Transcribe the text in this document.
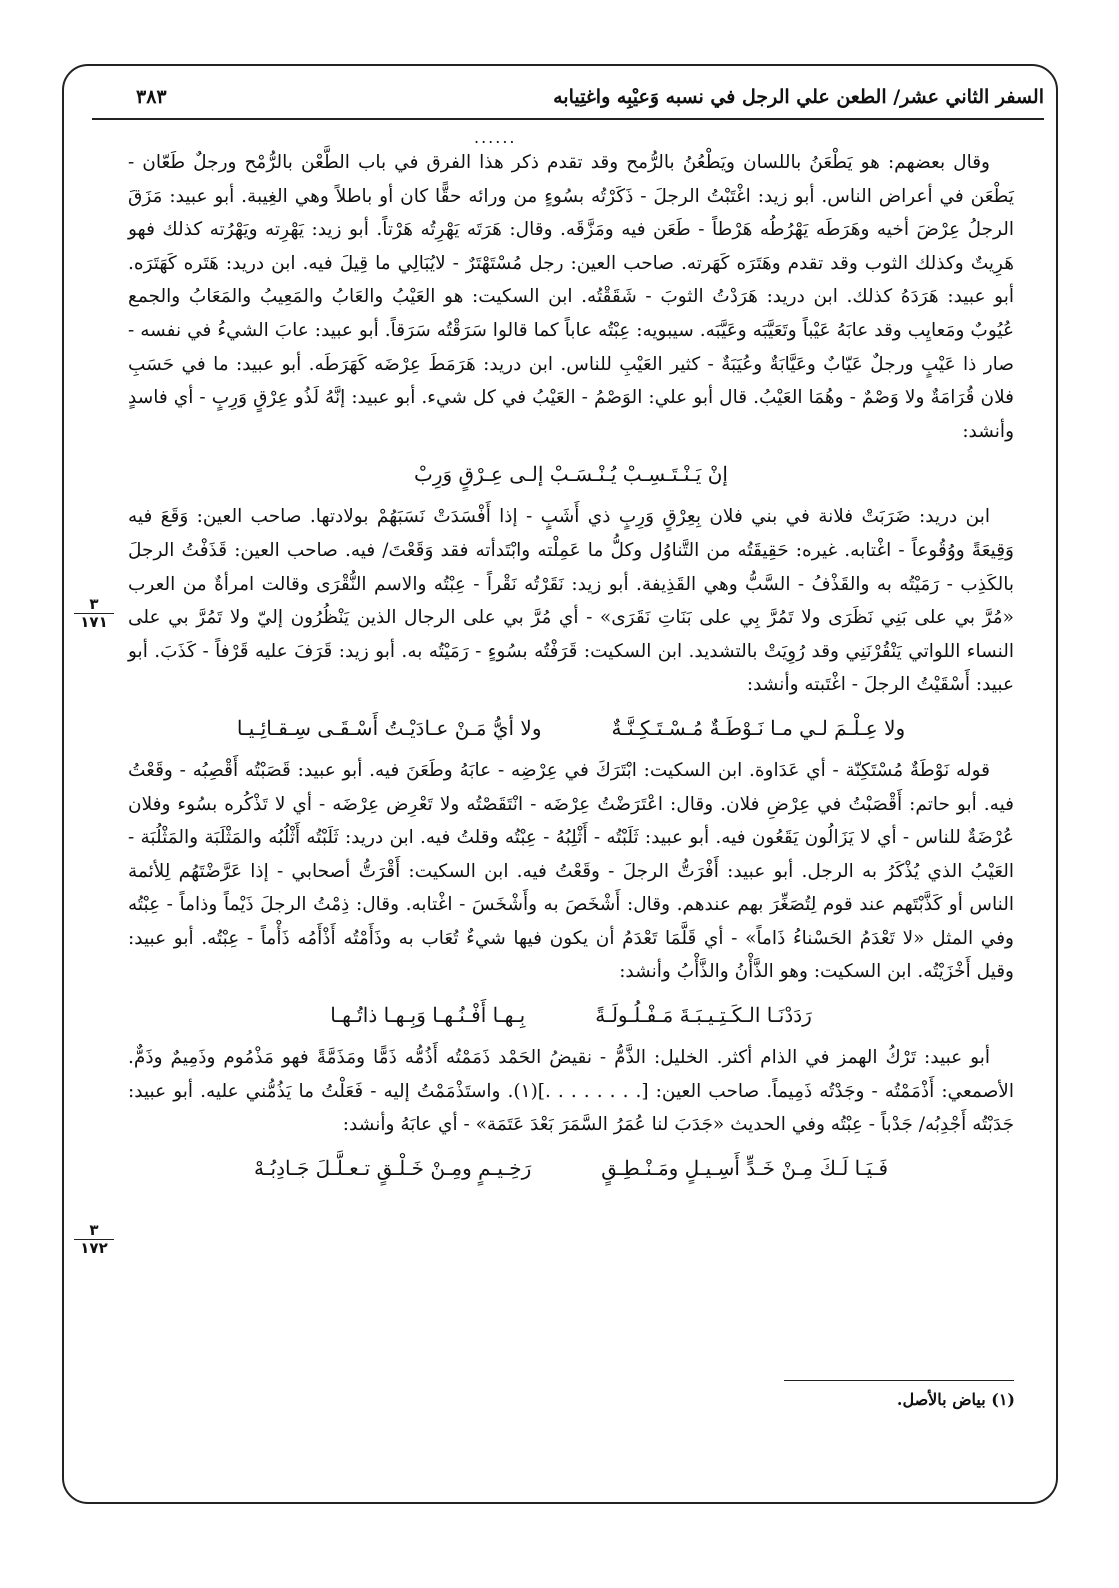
السفر الثاني عشر/ الطعن علي الرجل في نسبه وَعيْبِه واغتِيابه
٣٨٣
......

وقال بعضهم: هو يَطْعَنُ باللسان ويَطْعُنُ بالرُّمح وقد تقدم ذكر هذا الفرق في باب الطَّعْن بالرُّمْح ورجلٌ طَعّان - يَطْعَن في أعراض الناس. أبو زيد: اغْتَبْتُ الرجلَ - ذَكَرْتُه بسُوءٍ من ورائه حقًّا كان أو باطلاً وهي الغِيبة. أبو عبيد: مَزَقَ الرجلُ عِرْضَ أخيه وهَرَطَه يَهْرُطُه هَرْطاً - طَعَن فيه ومَزَّقَه. وقال: هَرَتَه يَهْرِتُه هَرْتاً. أبو زيد: يَهْرِته ويَهْرُته كذلك فهو هَرِيتٌ وكذلك الثوب وقد تقدم وهَتَرَه كَهَرته. صاحب العين: رجل مُسْتَهْتَرٌ - لايُبَالِي ما قِيلَ فيه. ابن دريد: هَتَره كَهَتَرَه. أبو عبيد: هَرَدَهُ كذلك. ابن دريد: هَرَدْتُ الثوبَ - شَقَقْتُه. ابن السكيت: هو العَيْبُ والعَابُ والمَعِيبُ والمَعَابُ والجمع عُيُوبٌ ومَعايِب وقد عابَهُ عَيْباً وتَعَيَّبَه وعَيَّبَه. سيبويه: عِبْتُه عاباً كما قالوا سَرَقْتُه سَرَقاً. أبو عبيد: عابَ الشيءُ في نفسه - صار ذا عَيْبٍ ورجلٌ عَيّابٌ وعَيَّابَةٌ وعُيَبَةٌ - كثير العَيْبِ للناس. ابن دريد: هَرَمَطَ عِرْضَه كَهَرَطَه. أبو عبيد: ما في حَسَبِ فلان قُرَامَةٌ ولا وَصْمٌ - وهُمَا العَيْبُ. قال أبو علي: الوَصْمُ - العَيْبُ في كل شيء. أبو عبيد: إنَّهُ لَذُو عِرْقٍ وَرِبٍ - أي فاسدٍ وأنشد:

إنْ يَـنْـتَـسِـبْ يُـنْـسَـبْ إلـى عِـرْقٍ وَرِبْ

ابن دريد: ضَرَبَتْ فلانة في بني فلان بِعِرْقٍ وَرِبٍ ذي أَشَبٍ - إذا أَفْسَدَتْ نَسَبَهُمْ بولادتها. صاحب العين: وَقَعَ فيه وَقِيعَةً ووُقُوعاً - اغْتابه. غيره: حَقِيقَتُه من التَّناوُل وكلُّ ما عَمِلْته وابْتَدأته فقد وَقَعْتَ/ فيه. صاحب العين: قَذَفْتُ الرجلَ بالكَذِب - رَمَيْتُه به والقَذْفُ - السَّبُّ وهي القَذِيفة. أبو زيد: نَقَرْتُه نَقْراً - عِبْتُه والاسم النُّقْرَى وقالت امرأةٌ من العرب «مُرَّ بي على بَنِي نَظَرَى ولا تَمُرَّ بِي على بَنَاتِ نَقَرَى» - أي مُرَّ بي على الرجال الذين يَنْظُرُون إليّ ولا تَمُرَّ بي على النساء اللواتي يَنْقُرْنَنِي وقد رُوِيَتْ بالتشديد. ابن السكيت: قَرَفْتُه بسُوءٍ - رَمَيْتُه به. أبو زيد: قَرَفَ عليه قَرْفاً - كَذَبَ. أبو عبيد: أَسْقَيْتُ الرجلَ - اغْتَبته وأنشد:

ولا عِـلْـمَ لـي مـا نَـوْطَـةٌ مُـسْـتَـكِـنَّـةٌ
ولا أيُّ مَـنْ عـادَيْـتُ أَسْـقَـى سِـقـائِـيـا

قوله نَوْطَةٌ مُسْتَكِنّة - أي عَدَاوة. ابن السكيت: ابْتَرَكَ في عِرْضِه - عابَهُ وطَعَنَ فيه. أبو عبيد: قَصَبْتُه أَقْصِبُه - وقَعْتُ فيه. أبو حاتم: أَقْصَبْتُ في عِرْضِ فلان. وقال: اعْتَرَضْتُ عِرْضَه - انْتَقَصْتُه ولا تَعْرِض عِرْضَه - أي لا تَذْكُره بسُوء وفلان عُرْضَةٌ للناس - أي لا يَزَالُون يَقَعُون فيه. أبو عبيد: ثَلَبْتُه - أَثْلِبُهُ - عِبْتُه وقلتُ فيه. ابن دريد: ثَلَبْتُه أَثْلُبُه والمَثْلَبَة والمَثْلُبَة - العَيْبُ الذي يُذْكَرُ به الرجل. أبو عبيد: أَفْرَتُّ الرجلَ - وقَعْتُ فيه. ابن السكيت: أَقْرَتُّ أصحابي - إذا عَرَّضْتَهُم لِلأئمة الناس أو كَذَّبْتَهم عند قوم لِتُصَغِّرَ بهم عندهم. وقال: أَشْخَصَ به وأَشْخَسَ - اغْتابه. وقال: ذِمْتُ الرجلَ ذَيْماً وذاماً - عِبْتُه وفي المثل «لا تَعْدَمُ الحَسْناءُ ذَاماً» - أي قَلَّمَا تَعْدَمُ أن يكون فيها شيءٌ تُعَاب به وذَأَمْتُه أَذْأَمُه ذَأْماً - عِبْتُه. أبو عبيد: وقيل أَخْزَيْتُه. ابن السكيت: وهو الذَّأْنُ والذَّأْبُ وأنشد:

رَدَدْنَـا الـكَـتِـيـبَـةَ مَـفْـلُـولَـةً
بِـهـا أَفْـنُـهـا وَبِـهـا ذاتُـهـا

أبو عبيد: تَرْكُ الهمز في الذام أكثر. الخليل: الذَّمُّ - نقيضُ الحَمْد ذَمَمْتُه أَذُمُّه ذَمًّا ومَذَمَّةً فهو مَذْمُوم وذَمِيمٌ وذَمٌّ. الأصمعي: أَذْمَمْتُه - وجَدْتُه ذَمِيماً. صاحب العين: [. . . . . . . .](١). واستَذْمَمْتُ إليه - فَعَلْتُ ما يَذُمُّني عليه. أبو عبيد: جَدَبْتُه أَجْدِبُه/ جَدْباً - عِبْتُه وفي الحديث «جَدَبَ لنا عُمَرُ السَّمَرَ بَعْدَ عَتَمَة» - أي عابَهُ وأنشد:

فَـيَـا لَـكَ مِـنْ خَـدٍّ أَسِـيـلٍ ومَـنْـطِـقٍ
رَخِـيـمٍ ومِـنْ خَـلْـقٍ تـعـلَّـلَ جَـادِبُـهْ
٣
١٧١
٣
١٧٢
(١) بياض بالأصل.
